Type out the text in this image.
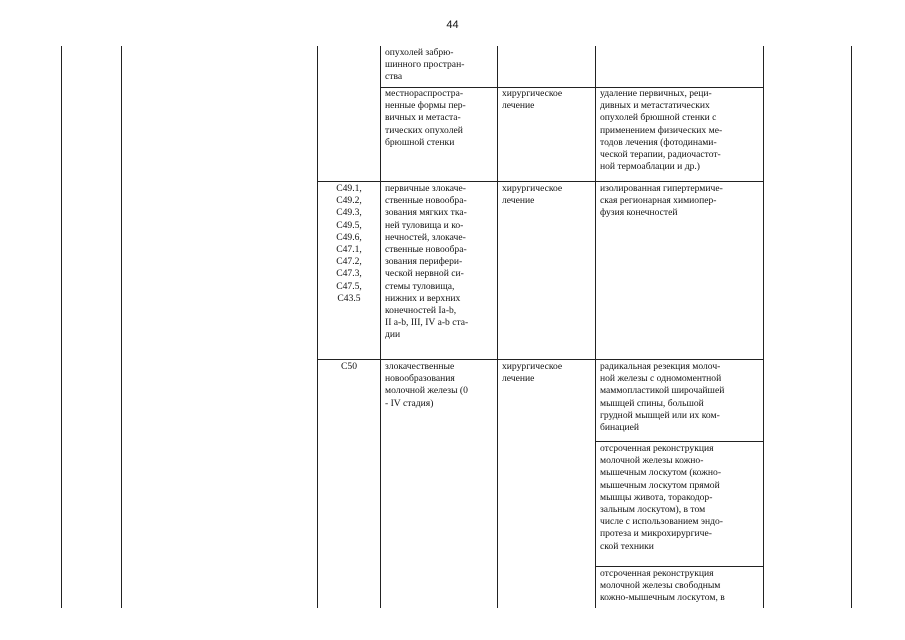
44
опухолей забрю-
шинного простран-
ства
местнораспростра-
ненные формы пер-
вичных и метаста-
тических опухолей
брюшной стенки
хирургическое
лечение
удаление первичных, реци-
дивных и метастатических
опухолей брюшной стенки с
применением физических ме-
тодов лечения (фотодинами-
ческой терапии, радиочастот-
ной термоаблации и др.)
C49.1,
C49.2,
C49.3,
C49.5,
C49.6,
C47.1,
C47.2,
C47.3,
C47.5,
C43.5
первичные злокаче-
ственные новообра-
зования мягких тка-
ней туловища и ко-
нечностей, злокаче-
ственные новообра-
зования перифери-
ческой нервной си-
стемы туловища,
нижних и верхних
конечностей Ia-b,
II a-b, III, IV a-b ста-
дии
хирургическое
лечение
изолированная гипертермиче-
ская регионарная химиопер-
фузия конечностей
C50	злокачественные
новообразования
молочной железы (0
- IV стадия)
хирургическое
лечение
радикальная резекция молоч-
ной железы с одномоментной
маммопластикой широчайшей
мышцей спины, большой
грудной мышцей или их ком-
бинацией
отсроченная реконструкция
молочной железы кожно-
мышечным лоскутом (кожно-
мышечным лоскутом прямой
мышцы живота, торакодор-
зальным лоскутом), в том
числе с использованием эндо-
протеза и микрохирургиче-
ской техники
отсроченная реконструкция
молочной железы свободным
кожно-мышечным лоскутом, в
